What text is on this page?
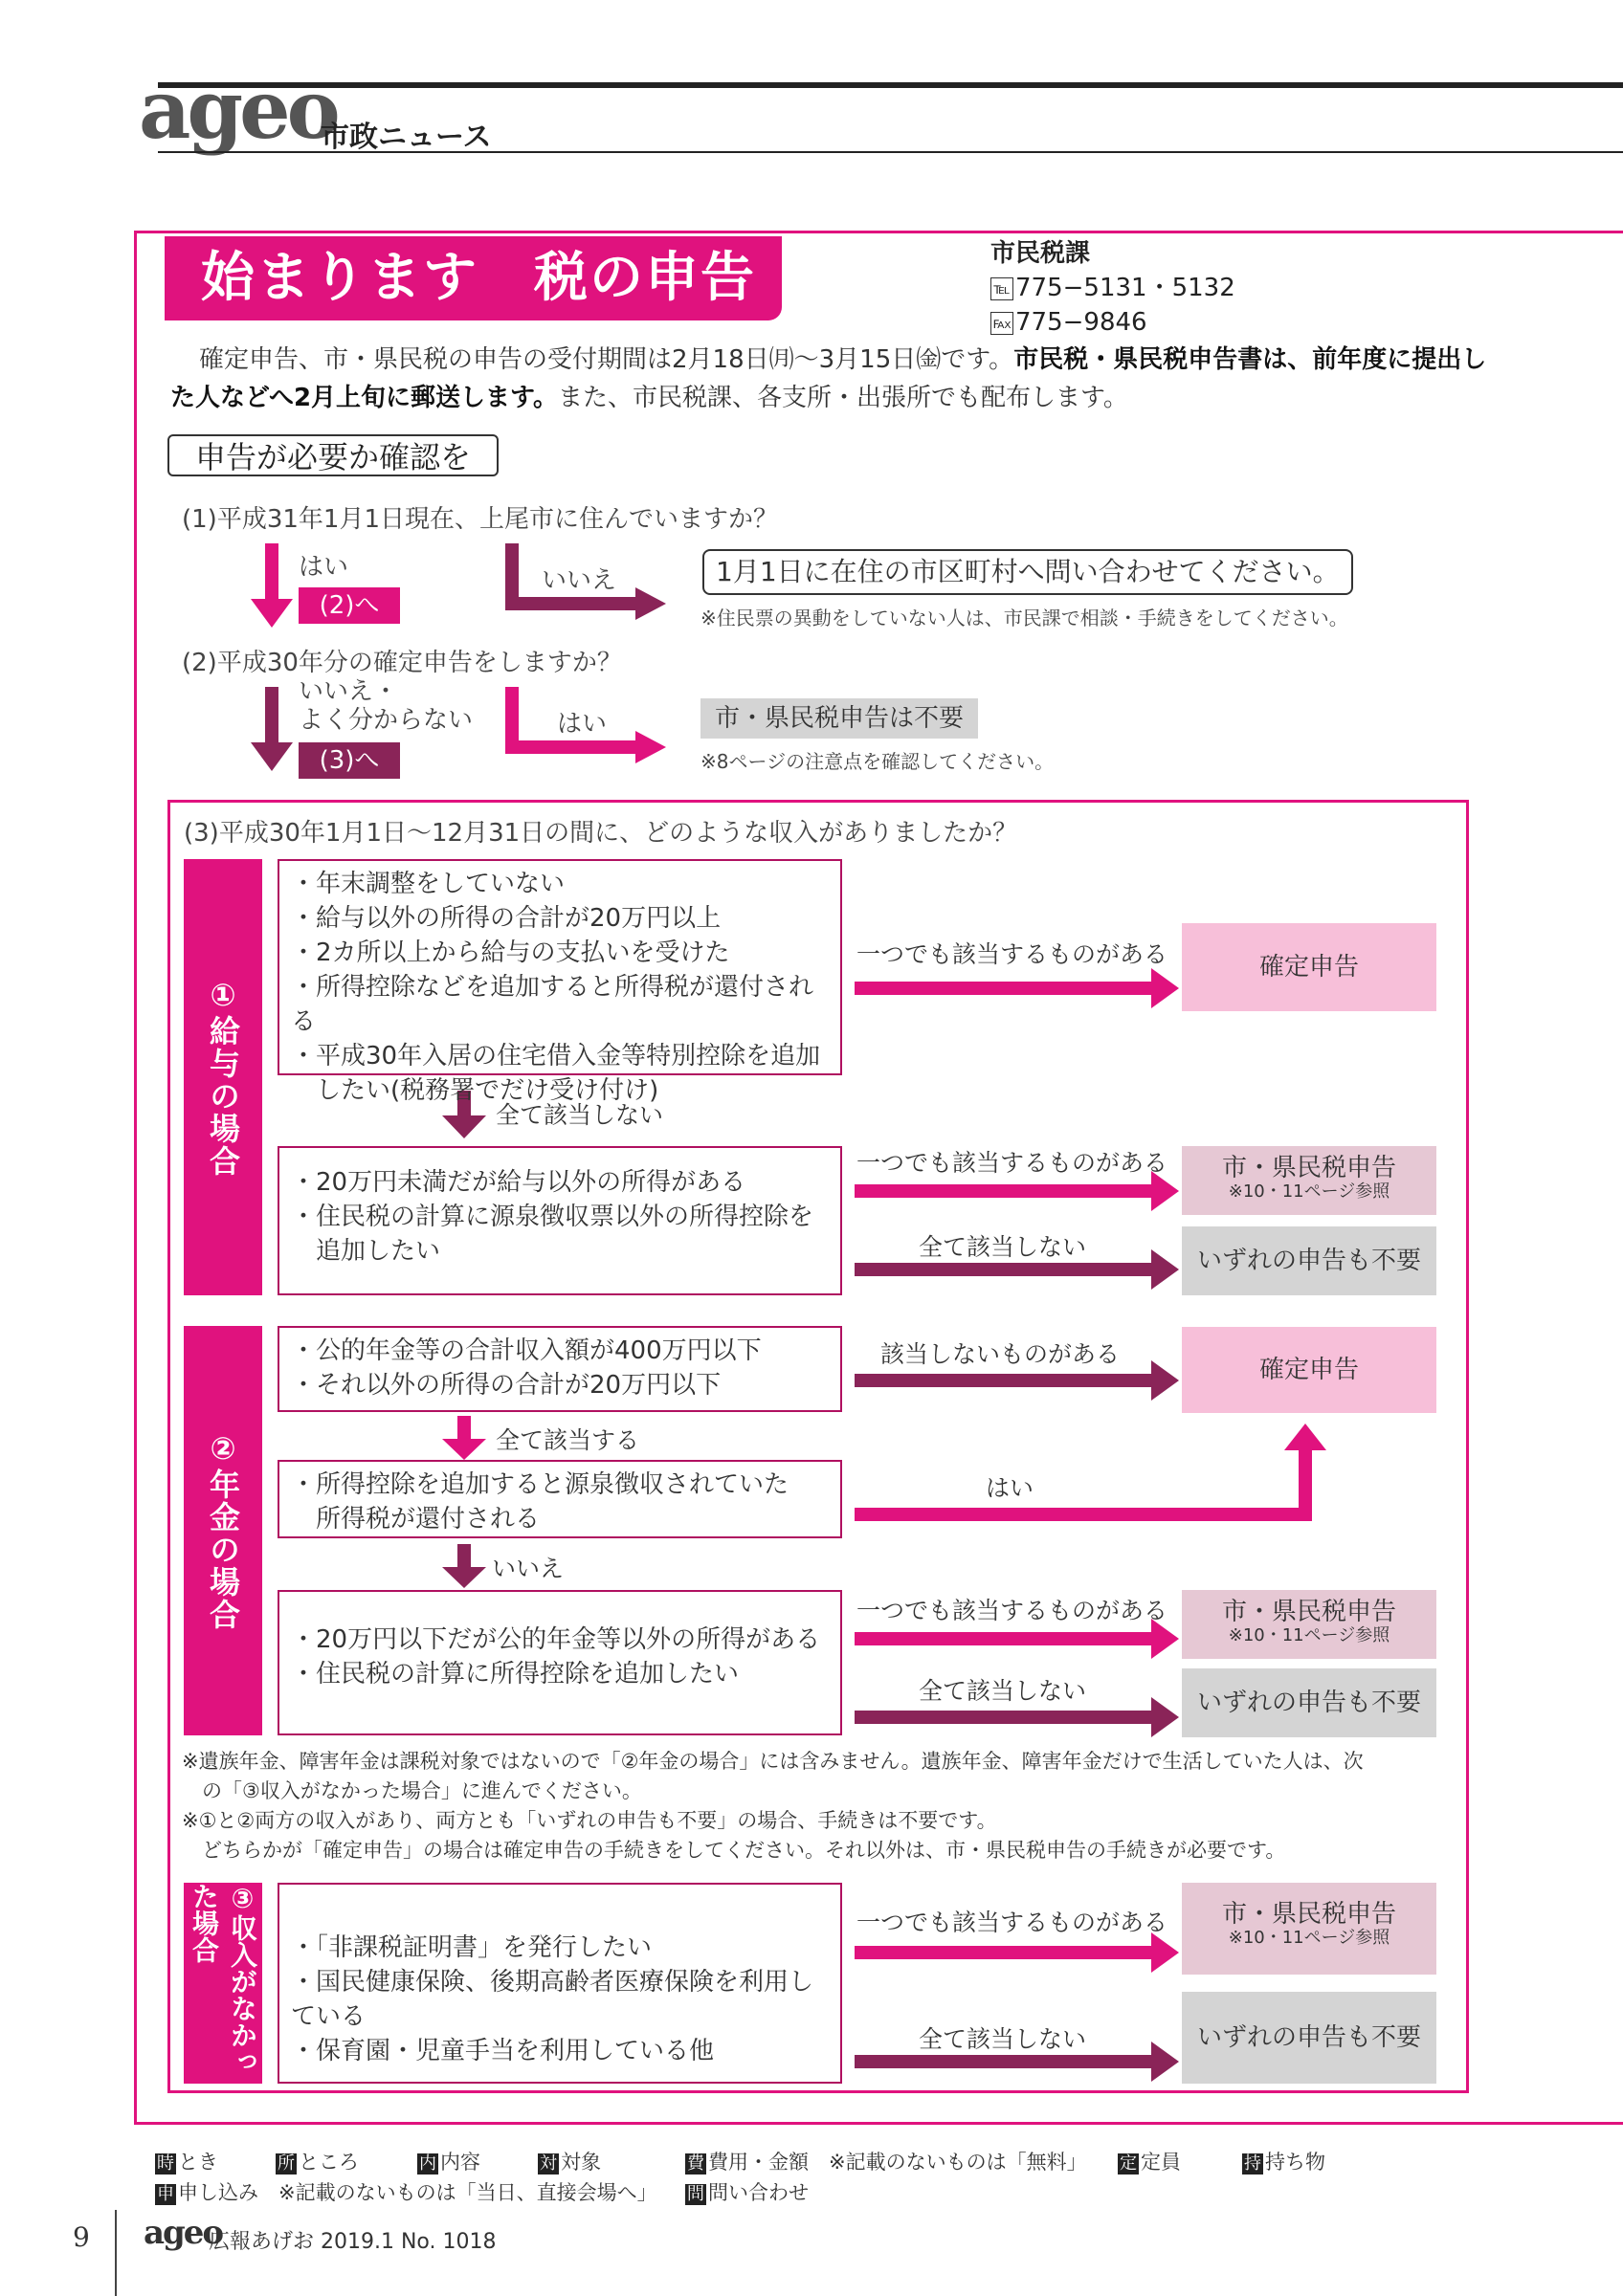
ageo
市政ニュース
始まります　税の申告	市民税課
℡ 775−5131・5132
℻ 775−9846
確定申告、市・県民税の申告の受付期間は2月18日㈪〜3月15日㈮です。市民税・県民税申告書は、前年度に提出した人などへ2月上旬に郵送します。また、市民税課、各支所・出張所でも配布します。
申告が必要か確認を
(1)平成31年1月1日現在、上尾市に住んでいますか？
はい
(2)へ
いいえ	1月1日に在住の市区町村へ問い合わせてください。
※住民票の異動をしていない人は、市民課で相談・手続きをしてください。
(2)平成30年分の確定申告をしますか？
いいえ・
よく分からない
(3)へ
はい	市・県民税申告は不要
※8ページの注意点を確認してください。
(3)平成30年1月1日〜12月31日の間に、どのような収入がありましたか？
①給与の場合
・年末調整をしていない
・給与以外の所得の合計が20万円以上
・2カ所以上から給与の支払いを受けた
・所得控除などを追加すると所得税が還付される
・平成30年入居の住宅借入金等特別控除を追加
　したい(税務署でだけ受け付け)
一つでも該当するものがある	確定申告
全て該当しない
・20万円未満だが給与以外の所得がある
・住民税の計算に源泉徴収票以外の所得控除を
　追加したい
一つでも該当するものがある	市・県民税申告
※10・11ページ参照
全て該当しない	いずれの申告も不要
②年金の場合
・公的年金等の合計収入額が400万円以下
・それ以外の所得の合計が20万円以下
該当しないものがある
確定申告
全て該当する
・所得控除を追加すると源泉徴収されていた
　所得税が還付される
はい
いいえ
・20万円以下だが公的年金等以外の所得がある
・住民税の計算に所得控除を追加したい
一つでも該当するものがある	市・県民税申告
※10・11ページ参照
全て該当しない	いずれの申告も不要
※遺族年金、障害年金は課税対象ではないので「②年金の場合」には含みません。遺族年金、障害年金だけで生活していた人は、次
　の「③収入がなかった場合」に進んでください。
※①と②両方の収入があり、両方とも「いずれの申告も不要」の場合、手続きは不要です。
　どちらかが「確定申告」の場合は確定申告の手続きをしてください。それ以外は、市・県民税申告の手続きが必要です。
③収入がなかった場合	・「非課税証明書」を発行したい
・国民健康保険、後期高齢者医療保険を利用している
・保育園・児童手当を利用している他
一つでも該当するものがある	市・県民税申告
※10・11ページ参照
全て該当しない	いずれの申告も不要
時 とき	所 ところ	内 内容	対 対象	費 費用・金額　※記載のないものは「無料」 定 定員	持 持ち物
申 申し込み　※記載のないものは「当日、直接会場へ」 問 問い合わせ
9 ageo
広報あげお 2019.1 No. 1018
